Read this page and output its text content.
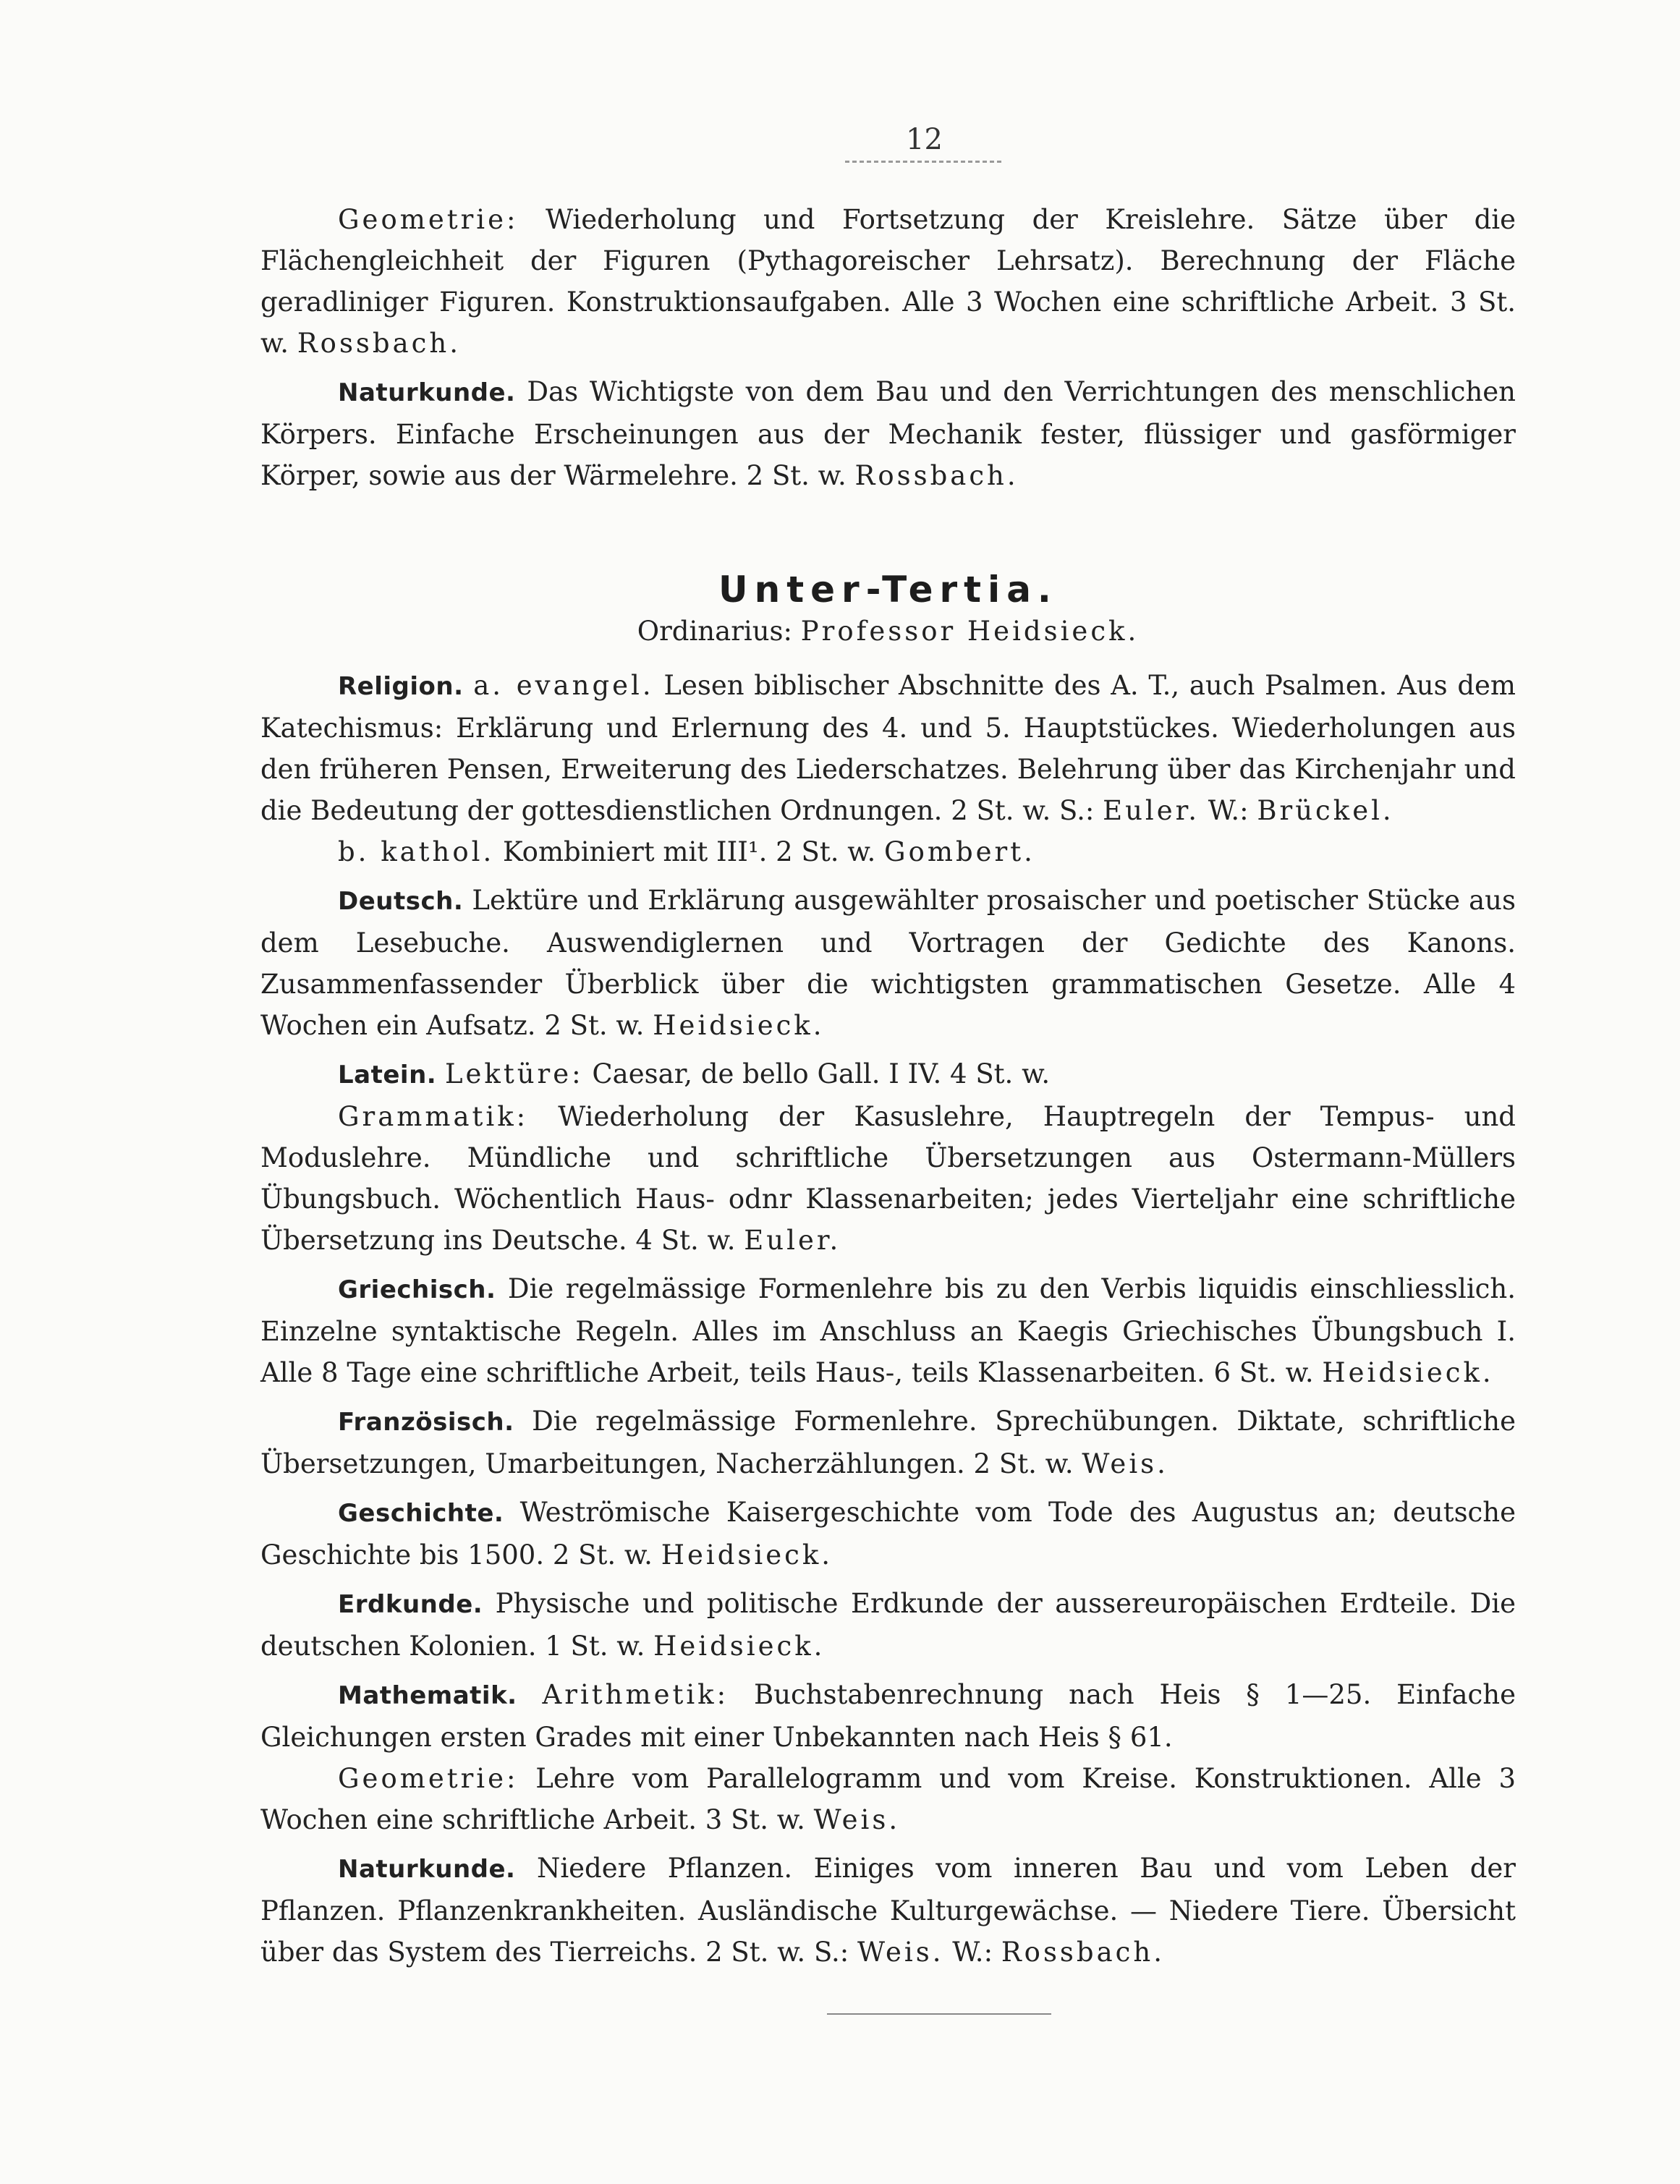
12

Geometrie: Wiederholung und Fortsetzung der Kreislehre. Sätze über die Flächengleichheit der Figuren (Pythagoreischer Lehrsatz). Berechnung der Fläche geradliniger Figuren. Konstruktionsaufgaben. Alle 3 Wochen eine schriftliche Arbeit. 3 St. w. Rossbach.

Naturkunde. Das Wichtigste von dem Bau und den Verrichtungen des menschlichen Körpers. Einfache Erscheinungen aus der Mechanik fester, flüssiger und gasförmiger Körper, sowie aus der Wärmelehre. 2 St. w. Rossbach.

Unter-Tertia.
Ordinarius: Professor Heidsieck.

Religion. a. evangel. Lesen biblischer Abschnitte des A. T., auch Psalmen. Aus dem Katechismus: Erklärung und Erlernung des 4. und 5. Hauptstückes. Wiederholungen aus den früheren Pensen, Erweiterung des Liederschatzes. Belehrung über das Kirchenjahr und die Bedeutung der gottesdienstlichen Ordnungen. 2 St. w. S.: Euler. W.: Brückel.

b. kathol. Kombiniert mit III¹. 2 St. w. Gombert.

Deutsch. Lektüre und Erklärung ausgewählter prosaischer und poetischer Stücke aus dem Lesebuche. Auswendiglernen und Vortragen der Gedichte des Kanons. Zusammenfassender Überblick über die wichtigsten grammatischen Gesetze. Alle 4 Wochen ein Aufsatz. 2 St. w. Heidsieck.

Latein. Lektüre: Caesar, de bello Gall. I IV. 4 St. w.

Grammatik: Wiederholung der Kasuslehre, Hauptregeln der Tempus- und Moduslehre. Mündliche und schriftliche Übersetzungen aus Ostermann-Müllers Übungsbuch. Wöchentlich Haus- odnr Klassenarbeiten; jedes Vierteljahr eine schriftliche Übersetzung ins Deutsche. 4 St. w. Euler.

Griechisch. Die regelmässige Formenlehre bis zu den Verbis liquidis einschliesslich. Einzelne syntaktische Regeln. Alles im Anschluss an Kaegis Griechisches Übungsbuch I. Alle 8 Tage eine schriftliche Arbeit, teils Haus-, teils Klassenarbeiten. 6 St. w. Heidsieck.

Französisch. Die regelmässige Formenlehre. Sprechübungen. Diktate, schriftliche Übersetzungen, Umarbeitungen, Nacherzählungen. 2 St. w. Weis.

Geschichte. Weströmische Kaisergeschichte vom Tode des Augustus an; deutsche Geschichte bis 1500. 2 St. w. Heidsieck.

Erdkunde. Physische und politische Erdkunde der aussereuropäischen Erdteile. Die deutschen Kolonien. 1 St. w. Heidsieck.

Mathematik. Arithmetik: Buchstabenrechnung nach Heis § 1—25. Einfache Gleichungen ersten Grades mit einer Unbekannten nach Heis § 61.

Geometrie: Lehre vom Parallelogramm und vom Kreise. Konstruktionen. Alle 3 Wochen eine schriftliche Arbeit. 3 St. w. Weis.

Naturkunde. Niedere Pflanzen. Einiges vom inneren Bau und vom Leben der Pflanzen. Pflanzenkrankheiten. Ausländische Kulturgewächse. — Niedere Tiere. Übersicht über das System des Tierreichs. 2 St. w. S.: Weis. W.: Rossbach.
